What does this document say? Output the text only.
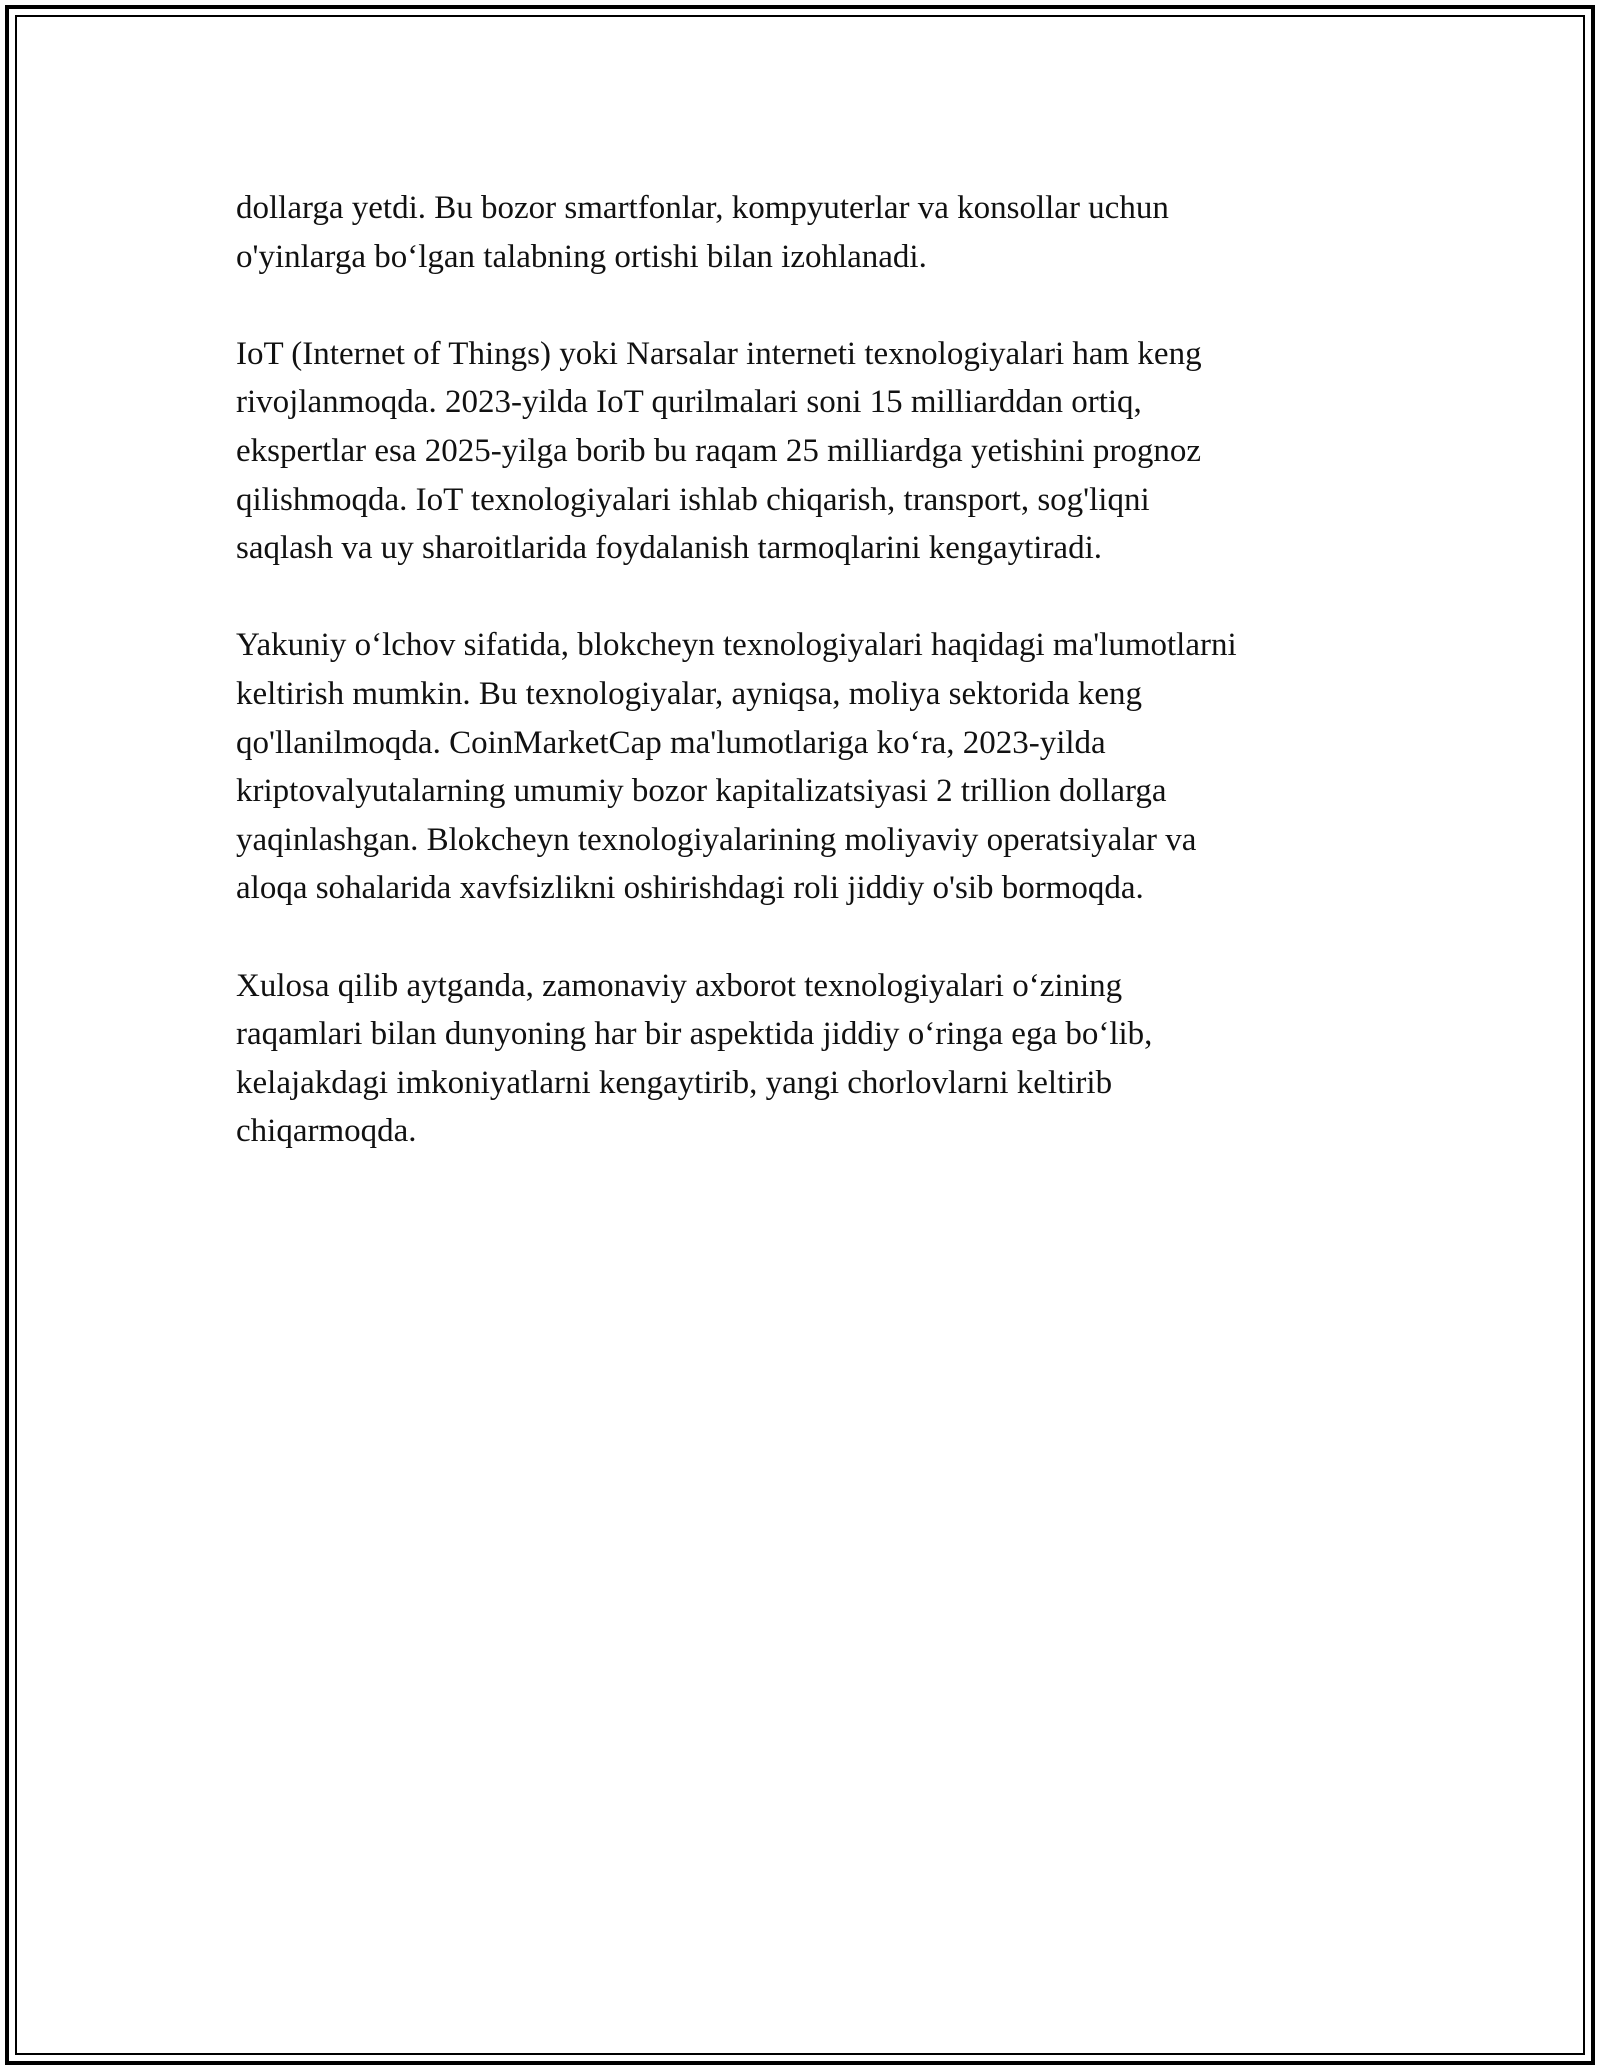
dollarga yetdi. Bu bozor smartfonlar, kompyuterlar va konsollar uchun
o'yinlarga bo‘lgan talabning ortishi bilan izohlanadi.

IoT (Internet of Things) yoki Narsalar interneti texnologiyalari ham keng
rivojlanmoqda. 2023-yilda IoT qurilmalari soni 15 milliarddan ortiq,
ekspertlar esa 2025-yilga borib bu raqam 25 milliardga yetishini prognoz
qilishmoqda. IoT texnologiyalari ishlab chiqarish, transport, sog'liqni
saqlash va uy sharoitlarida foydalanish tarmoqlarini kengaytiradi.

Yakuniy o‘lchov sifatida, blokcheyn texnologiyalari haqidagi ma'lumotlarni
keltirish mumkin. Bu texnologiyalar, ayniqsa, moliya sektorida keng
qo'llanilmoqda. CoinMarketCap ma'lumotlariga ko‘ra, 2023-yilda
kriptovalyutalarning umumiy bozor kapitalizatsiyasi 2 trillion dollarga
yaqinlashgan. Blokcheyn texnologiyalarining moliyaviy operatsiyalar va
aloqa sohalarida xavfsizlikni oshirishdagi roli jiddiy o'sib bormoqda.

Xulosa qilib aytganda, zamonaviy axborot texnologiyalari o‘zining
raqamlari bilan dunyoning har bir aspektida jiddiy o‘ringa ega bo‘lib,
kelajakdagi imkoniyatlarni kengaytirib, yangi chorlovlarni keltirib
chiqarmoqda.
